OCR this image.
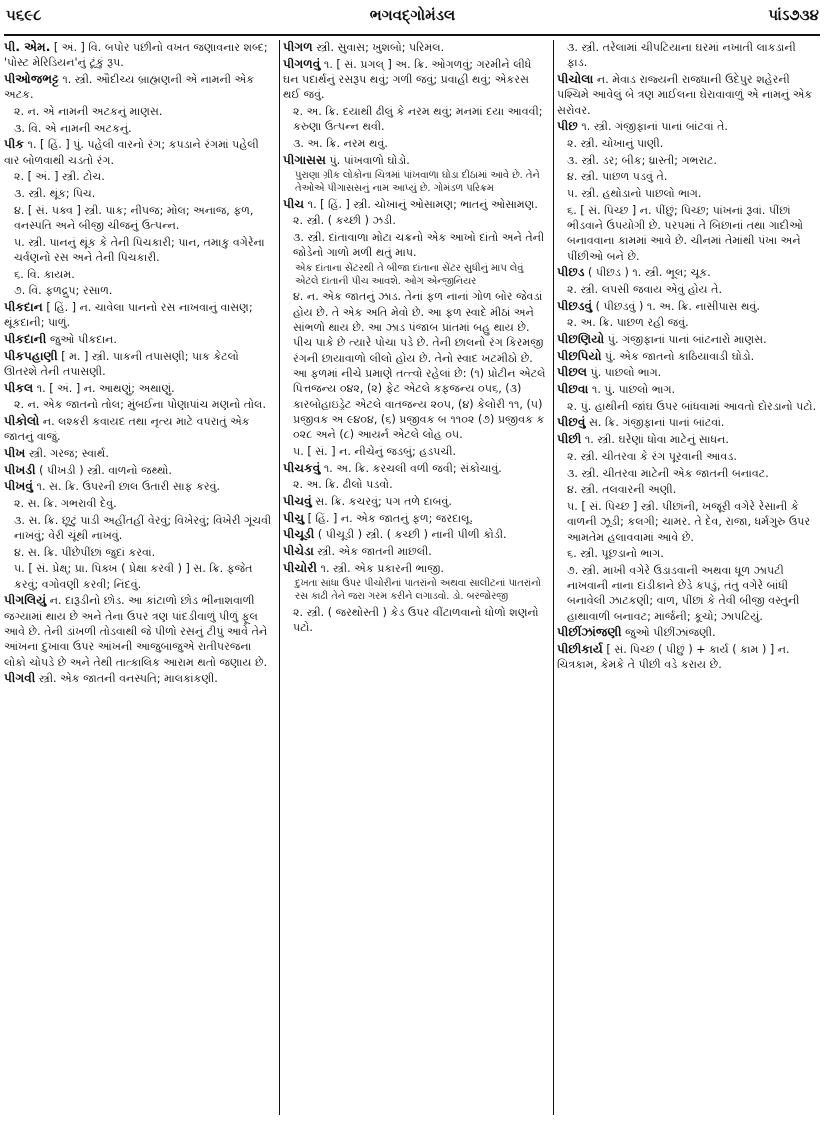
૫૬૯૮	ભગવદ્ગોમંડલ	પાંઽ૭૩૪
પી. એમ. [ અં. ] વિ. બપોર પછીનો વખત જણાવનાર શબ્દ; 'પોસ્ટ મેરિડિયન'નું ટૂંકું રૂપ.
પીઓજભટ્ટ ૧. સ્ત્રી. ઔદીચ્ય બ્રાહ્મણની એ નામની એક અટક.
૨. ન. એ નામની અટકનું માણસ.
૩. વિ. એ નામની અટકનું.
પીક ૧. [ હિં. ] પું. પહેલી વારનો રંગ; કપડાને રંગમાં પહેલી વાર બોળવાથી ચડતો રંગ.
૨. [ અં. ] સ્ત્રી. ટોચ.
૩. સ્ત્રી. થૂંક; પિચ.
૪. [ સં. પક્વ ] સ્ત્રી. પાક; નીપજ; મોલ; અનાજ, ફળ, વનસ્પતિ અને બીજી ચીજનું ઉત્પન્ન.
૫. સ્ત્રી. પાનનું થૂંક કે તેની પિચકારી; પાન, તમાકુ વગેરેના ચર્વણનો રસ અને તેની પિચકારી.
૬. વિ. કાયમ.
૭. વિ. ફળદ્રુપ; રસાળ.
પીકદાન [ હિં. ] ન. ચાવેલા પાનનો રસ નાખવાનું વાસણ; થૂંકદાની; પાળું.
પીકદાની જુઓ પીકદાન.
પીકપહાણી [ મ. ] સ્ત્રી. પાકની તપાસણી; પાક કેટલો ઊતરશે તેની તપાસણી.
પીકલ ૧. [ અં. ] ન. આથણું; અથાણું.
૨. ન. એક જાતનો તોલ; મુંબઈના પોણાપાંચ મણનો તોલ.
પીકોલો ન. લશ્કરી કવાયદ તથા નૃત્ય માટે વપરાતું એક જાતનું વાજું.
પીખ સ્ત્રી. ગરજ; સ્વાર્થ.
પીખડી ( પીખડી ) સ્ત્રી. વાળનો જથ્થો.
પીખવું ૧. સ. ક્રિ. ઉપરની છાલ ઉતારી સાફ કરવું.
૨. સ. ક્રિ. ગભરાવી દેવું.
૩. સ. ક્રિ. છૂટું પાડી અહીંતહીં વેરવું; વિખેરવું; વિખેરી ગૂંચવી નાખવું; વેરી ચૂંથી નાખવું.
૪. સ. ક્રિ. પીંછેપીંછાં જુદાં કરવાં.
૫. [ સં. પ્રેક્ષ્; પ્રા. પિક્ખ ( પ્રેક્ષા કરવી ) ] સ. ક્રિ. ફજેત કરવું; વગોવણી કરવી; નિંદવું.
પીગલિયું ન. દારૂડીનો છોડ. આ કાંટાળો છોડ ભીનાશવાળી જગ્યામાં થાય છે અને તેના ઉપર ત્રણ પાંદડીવાળું પીળું ફૂલ આવે છે. તેની ડાંખળી તોડવાથી જે પીળો રસનું ટીપું આવે તેને આંખના દુખાવા ઉપર આંખની આજુબાજુએ રાતીપરજના લોકો ચોપડે છે અને તેથી તાત્કાલિક આરામ થતો જણાય છે.
પીગવી સ્ત્રી. એક જાતની વનસ્પતિ; માલકાંકણી.
પીગળ સ્ત્રી. સુવાસ; ખુશબો; પરિમલ.
પીગળવું ૧. [ સં. પ્રગલ્ ] અ. ક્રિ. ઓગળવું; ગરમીને લીધે ઘન પદાર્થનું રસરૂપ થવું; ગળી જવું; પ્રવાહી થવું; એકરસ થઈ જવું.
૨. અ. ક્રિ. દયાથી ઢીલું કે નરમ થવું; મનમાં દયા આવવી; કરુણા ઉત્પન્ન થવી.
૩. અ. ક્રિ. નરમ થવું.
પીગાસસ પું. પાંખવાળો ઘોડો.
પુરાણા ગ્રીક લોકોના ચિત્રમાં પાંખવાળા ઘોડા દીઠામાં આવે છે. તેને તેઓએ પીગાસસનું નામ આપ્યું છે. ગોમંડળ પરિક્રમ
પીચ ૧. [ હિં. ] સ્ત્રી. ચોખાનું ઓસામણ; ભાતનું ઓસામણ.
૨. સ્ત્રી. ( કચ્છી ) ઝડી.
૩. સ્ત્રી. દાંતાવાળા મોટા ચક્રનો એક આખો દાંતો અને તેની જોડેનો ગાળો મળી થતું માપ.
એક દાંતાના સેંટરથી તે બીજા દાંતાના સેંટર સુધીનું માપ લેવું એટલે દાંતાની પીચ આવશે. ઓગ એન્જીનિયર
૪. ન. એક જાતનું ઝાડ. તેનાં ફળ નાનાં ગોળ બોર જેવડાં હોય છે. તે એક અતિ મેવો છે. આ ફળ સ્વાદે મીઠાં અને સાંભળો થાય છે. આ ઝાડ પંજાબ પ્રાંતમાં બહુ થાય છે. પીચ પાકે છે ત્યારે પોચા પડે છે. તેની છાલનો રંગ કિરમજી રંગની છાયાવાળો લીલો હોય છે. તેનો સ્વાદ ખટમીઠો છે. આ ફળમાં નીચે પ્રમાણે તત્ત્વો રહેલાં છે: (૧) પ્રોટીન એટલે પિત્તજન્ય ૦૪૨, (૨) ફેટ એટલે કફજન્ય ૦૫૬, (૩) કારબોહાઇડ્રેટ એટલે વાતજન્ય ૨૦૫, (૪) કેલોરી ૧૧, (૫) પ્રજીવક અ ૯૪૦૪, (૬) પ્રજીવક બ ૧૧૦૨ (૭) પ્રજીવક ક ૦૨૮ અને (૮) આયર્ન એટલે લોહ ૦૫.
૫. [ સં. ] ન. નીચેનું જડબું; હડપચી.
પીચકવું ૧. અ. ક્રિ. કરચલી વળી જવી; સંકોચાવું.
૨. અ. ક્રિ. ઢીલો પડવો.
પીચવું સ. ક્રિ. કચરવું; પગ તળે દાબવું.
પીચુ [ હિં. ] ન. એક જાતનું ફળ; જરદાલૂ.
પીચૂડી ( પીચૂડી ) સ્ત્રી. ( કચ્છી ) નાની પીળી કોડી.
પીચેડા સ્ત્રી. એક જાતની માછલી.
પીચોરી ૧. સ્ત્રી. એક પ્રકારની ભાજી.
દુખતા સાંધા ઉપર પીચોરીનાં પાતરાંનો અથવા સાલીટનાં પાતરાંનો રસ કાઢી તેને જરા ગરમ કરીને લગાડવો. ડો. બરજોરજી
૨. સ્ત્રી. ( જરથોસ્તી ) કેડ ઉપર વીંટાળવાનો ધોળો શણનો પટો.
૩. સ્ત્રી. તરેલામાં ચીપટિયાના ઘરમાં નખાતી લાકડાની ફાડ.
પીચોલા ન. મેવાડ રાજ્યની રાજધાની ઉદેપુર શહેરની પશ્ચિમે આવેલું બે ત્રણ માઈલના ઘેરાવાવાળું એ નામનું એક સરોવર.
પીછ ૧. સ્ત્રી. ગંજીફાનાં પાનાં બાંટવાં તે.
૨. સ્ત્રી. ચોખાનું પાણી.
૩. સ્ત્રી. ડર; બીક; ધ્રાસ્તી; ગભરાટ.
૪. સ્ત્રી. પાછળ પડવું તે.
૫. સ્ત્રી. હથોડાનો પાછલો ભાગ.
૬. [ સં. પિચ્છ ] ન. પીંછું; પિચ્છ; પાંખનાં રૂવાં. પીંછાં ભીડવાને ઉપયોગી છે. પરપમાં તે બિછાનાં તથા ગાદીઓ બનાવવાના કામમાં આવે છે. ચીનમાં તેમાંથી પંખા અને પીંછીઓ બને છે.
પીછડ ( પીછડ ) ૧. સ્ત્રી. ભૂલ; ચૂક.
૨. સ્ત્રી. લપસી જવાય એવું હોય તે.
પીછડવું ( પીછડવું ) ૧. અ. ક્રિ. નાસીપાસ થવું.
૨. અ. ક્રિ. પાછળ રહી જવું.
પીછણિયો પું. ગંજીફાનાં પાનાં બાંટનારો માણસ.
પીછપિયો પું. એક જાતનો કાઠિયાવાડી ઘોડો.
પીછલ પું. પાછલો ભાગ.
પીછવા ૧. પું. પાછલો ભાગ.
૨. પું. હાથીની જાંઘ ઉપર બાંધવામાં આવતો દોરડાનો પટો.
પીછવું સ. ક્રિ. ગંજીફાનાં પાનાં બાંટવાં.
પીછી ૧. સ્ત્રી. ઘરેણાં ધોવા માટેનું સાધન.
૨. સ્ત્રી. ચીતરવા કે રંગ પૂરવાની આવડ.
૩. સ્ત્રી. ચીતરવા માટેની એક જાતની બનાવટ.
૪. સ્ત્રી. તલવારની અણી.
૫. [ સં. પિચ્છ ] સ્ત્રી. પીંછાંની, ખજૂરી વગેરે રેસાની કે વાળની ઝૂડી; કલગી; ચામર. તે દેવ, રાજા, ધર્મગુરુ ઉપર આમતેમ હલાવવામાં આવે છે.
૬. સ્ત્રી. પૂછડાનો ભાગ.
૭. સ્ત્રી. માખી વગેરે ઉડાડવાની અથવા ધૂળ ઝાપટી નાખવાની નાના દાંડીકાને છેડે કપડું, તંતુ વગેરે બાંધી બનાવેલી ઝાટકણી; વાળ, પીંછાં કે તેવી બીજી વસ્તુની હાથાવાળી બનાવટ; માર્જની; કૂચો; ઝાપટિયું.
પીછીંઝાંજણી જુઓ પીછીંઝાંજણી.
પીછીકાર્ય [ સં. પિચ્છ ( પીછું ) + કાર્ય ( કામ ) ] ન. ચિત્રકામ, કેમકે તે પીછી વડે કરાય છે.
